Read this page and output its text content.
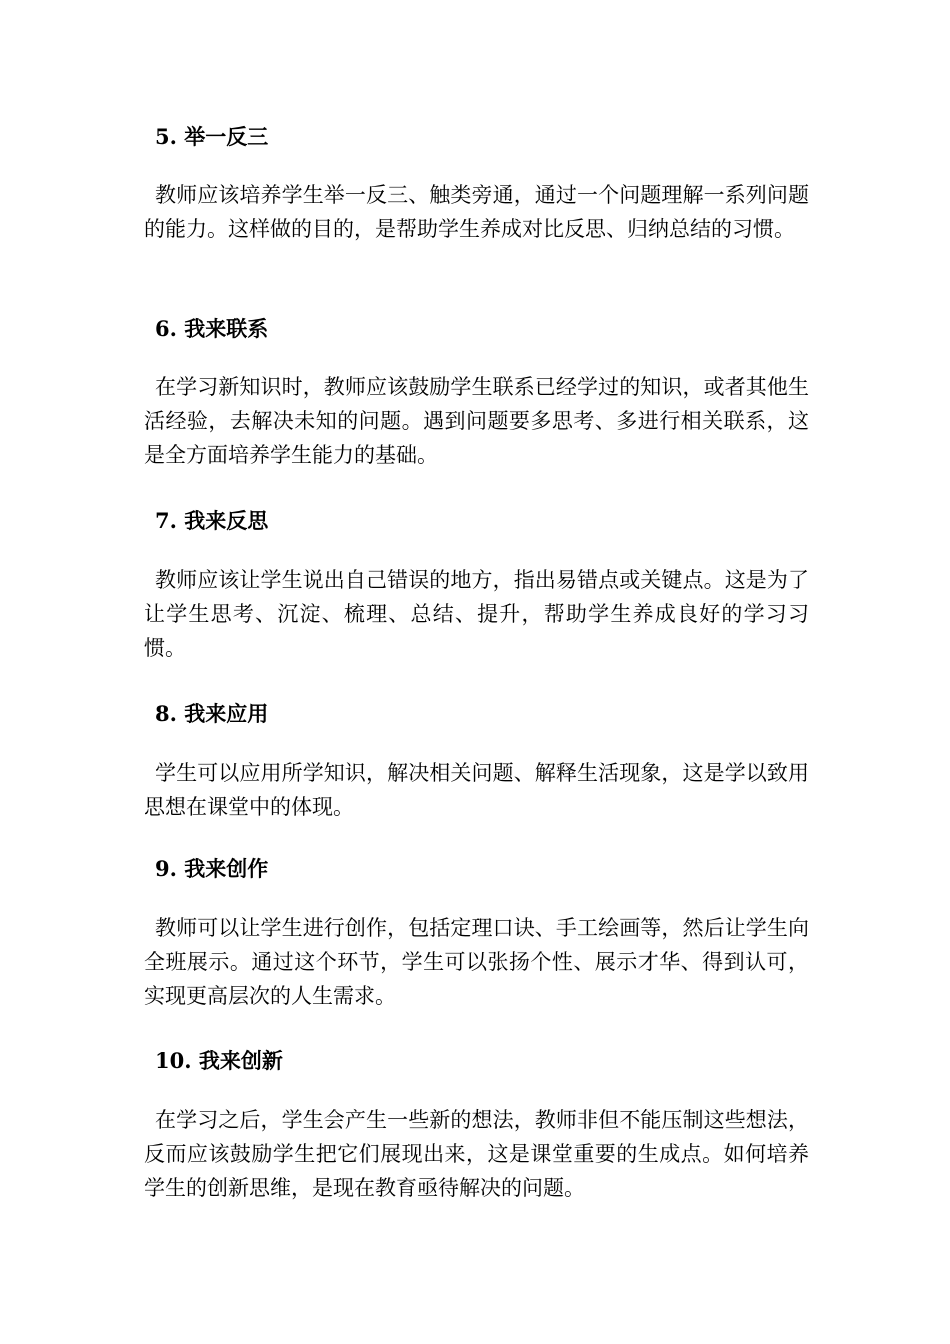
5. 举一反三

教师应该培养学生举一反三、触类旁通，通过一个问题理解一系列问题的能力。这样做的目的，是帮助学生养成对比反思、归纳总结的习惯。

6. 我来联系

在学习新知识时，教师应该鼓励学生联系已经学过的知识，或者其他生活经验，去解决未知的问题。遇到问题要多思考、多进行相关联系，这是全方面培养学生能力的基础。

7. 我来反思

教师应该让学生说出自己错误的地方，指出易错点或关键点。这是为了让学生思考、沉淀、梳理、总结、提升，帮助学生养成良好的学习习惯。

8. 我来应用

学生可以应用所学知识，解决相关问题、解释生活现象，这是学以致用思想在课堂中的体现。

9. 我来创作

教师可以让学生进行创作，包括定理口诀、手工绘画等，然后让学生向全班展示。通过这个环节，学生可以张扬个性、展示才华、得到认可，实现更高层次的人生需求。

10. 我来创新

在学习之后，学生会产生一些新的想法，教师非但不能压制这些想法，反而应该鼓励学生把它们展现出来，这是课堂重要的生成点。如何培养学生的创新思维，是现在教育亟待解决的问题。
